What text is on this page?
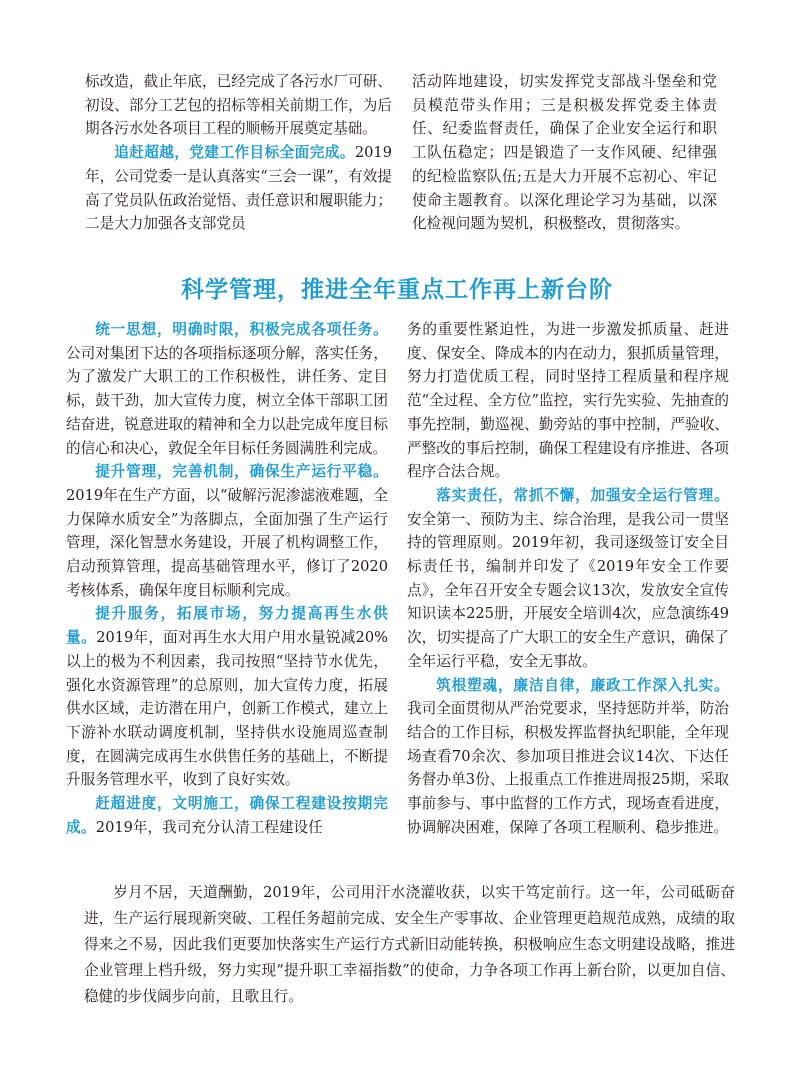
标改造，截止年底，已经完成了各污水厂可研、初设、部分工艺包的招标等相关前期工作，为后期各污水处各项目工程的顺畅开展奠定基础。

追赶超越，党建工作目标全面完成。2019年，公司党委一是认真落实“三会一课”，有效提高了党员队伍政治觉悟、责任意识和履职能力；二是大力加强各支部党员

活动阵地建设，切实发挥党支部战斗堡垒和党员模范带头作用；三是积极发挥党委主体责任、纪委监督责任，确保了企业安全运行和职工队伍稳定；四是锻造了一支作风硬、纪律强的纪检监察队伍;五是大力开展不忘初心、牢记使命主题教育。以深化理论学习为基础，以深化检视问题为契机，积极整改，贯彻落实。

科学管理，推进全年重点工作再上新台阶

统一思想，明确时限，积极完成各项任务。公司对集团下达的各项指标逐项分解，落实任务，为了激发广大职工的工作积极性，讲任务、定目标，鼓干劲，加大宣传力度，树立全体干部职工团结奋进，锐意进取的精神和全力以赴完成年度目标的信心和决心，敦促全年目标任务圆满胜利完成。

提升管理，完善机制，确保生产运行平稳。2019年在生产方面，以“破解污泥渗滤液难题，全力保障水质安全”为落脚点，全面加强了生产运行管理，深化智慧水务建设，开展了机构调整工作，启动预算管理，提高基础管理水平，修订了2020考核体系，确保年度目标顺利完成。

提升服务，拓展市场，努力提高再生水供量。2019年，面对再生水大用户用水量锐减20%以上的极为不利因素，我司按照“坚持节水优先，强化水资源管理”的总原则，加大宣传力度，拓展供水区域，走访潜在用户，创新工作模式，建立上下游补水联动调度机制，坚持供水设施周巡查制度，在圆满完成再生水供售任务的基础上，不断提升服务管理水平，收到了良好实效。

赶超进度，文明施工，确保工程建设按期完成。2019年，我司充分认清工程建设任

务的重要性紧迫性，为进一步激发抓质量、赶进度、保安全、降成本的内在动力，狠抓质量管理，努力打造优质工程，同时坚持工程质量和程序规范“全过程、全方位”监控，实行先实验、先抽查的事先控制，勤巡视、勤旁站的事中控制，严验收、严整改的事后控制，确保工程建设有序推进、各项程序合法合规。

落实责任，常抓不懈，加强安全运行管理。安全第一、预防为主、综合治理，是我公司一贯坚持的管理原则。2019年初，我司逐级签订安全目标责任书，编制并印发了《2019年安全工作要点》，全年召开安全专题会议13次，发放安全宣传知识读本225册，开展安全培训4次，应急演练49次，切实提高了广大职工的安全生产意识，确保了全年运行平稳，安全无事故。

筑根塑魂，廉洁自律，廉政工作深入扎实。我司全面贯彻从严治党要求，坚持惩防并举，防治结合的工作目标，积极发挥监督执纪职能，全年现场查看70余次、参加项目推进会议14次、下达任务督办单3份、上报重点工作推进周报25期，采取事前参与、事中监督的工作方式，现场查看进度，协调解决困难，保障了各项工程顺利、稳步推进。

岁月不居，天道酬勤，2019年，公司用汗水浇灌收获，以实干笃定前行。这一年，公司砥砺奋进，生产运行展现新突破、工程任务超前完成、安全生产零事故、企业管理更趋规范成熟，成绩的取得来之不易，因此我们更要加快落实生产运行方式新旧动能转换，积极响应生态文明建设战略，推进企业管理上档升级，努力实现“提升职工幸福指数”的使命，力争各项工作再上新台阶，以更加自信、稳健的步伐阔步向前，且歌且行。
